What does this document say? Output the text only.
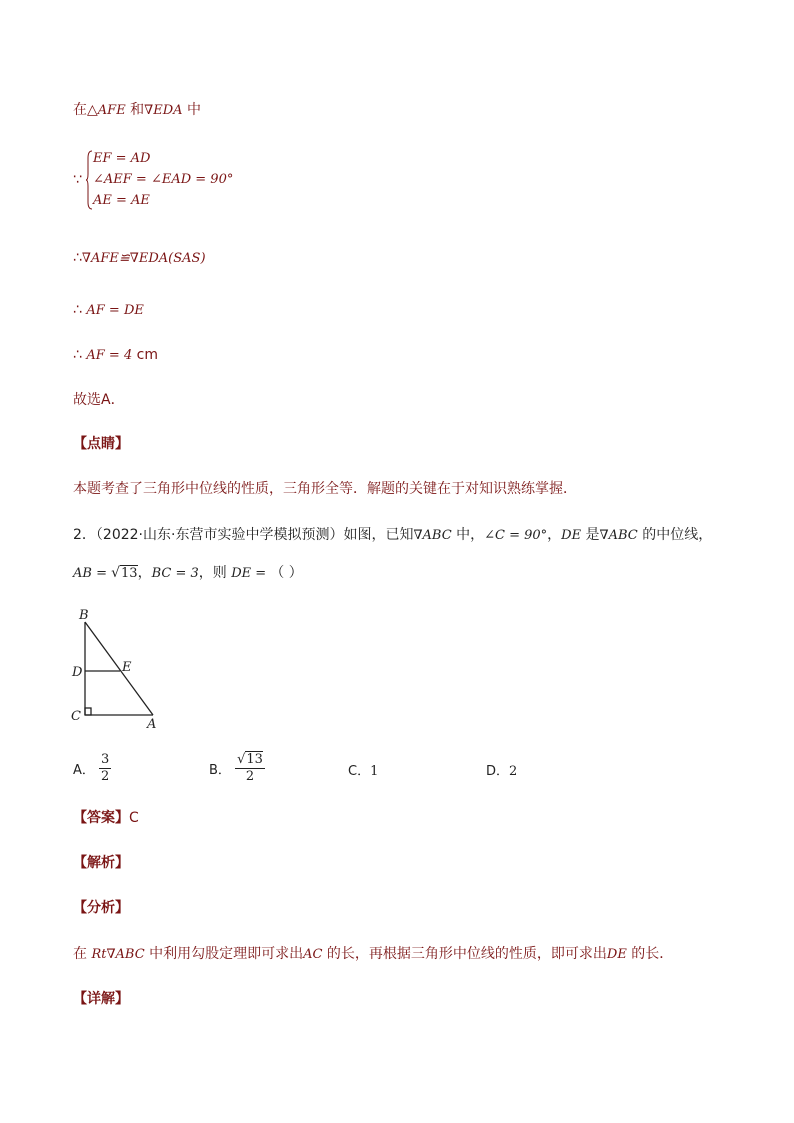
在△AFE 和∇EDA 中
∵
EF = AD
∠AEF = ∠EAD = 90°
AE = AE
∴∇AFE≌∇EDA(SAS)
∴ AF = DE
∴ AF = 4 cm
故选A．
【点睛】
本题考查了三角形中位线的性质，三角形全等．解题的关键在于对知识熟练掌握．
2．（2022·山东·东营市实验中学模拟预测）如图，已知∇ABC 中，∠C = 90°，DE 是∇ABC 的中位线，
AB = √13，BC = 3，则 DE = （ ）
B
D	E
C
A
A． $\frac{3}{2}$	B． $\frac{√13}{2}$	C．1	D．2
【答案】C
【解析】
【分析】
在 Rt∇ABC 中利用勾股定理即可求出AC 的长，再根据三角形中位线的性质，即可求出DE 的长．
【详解】
